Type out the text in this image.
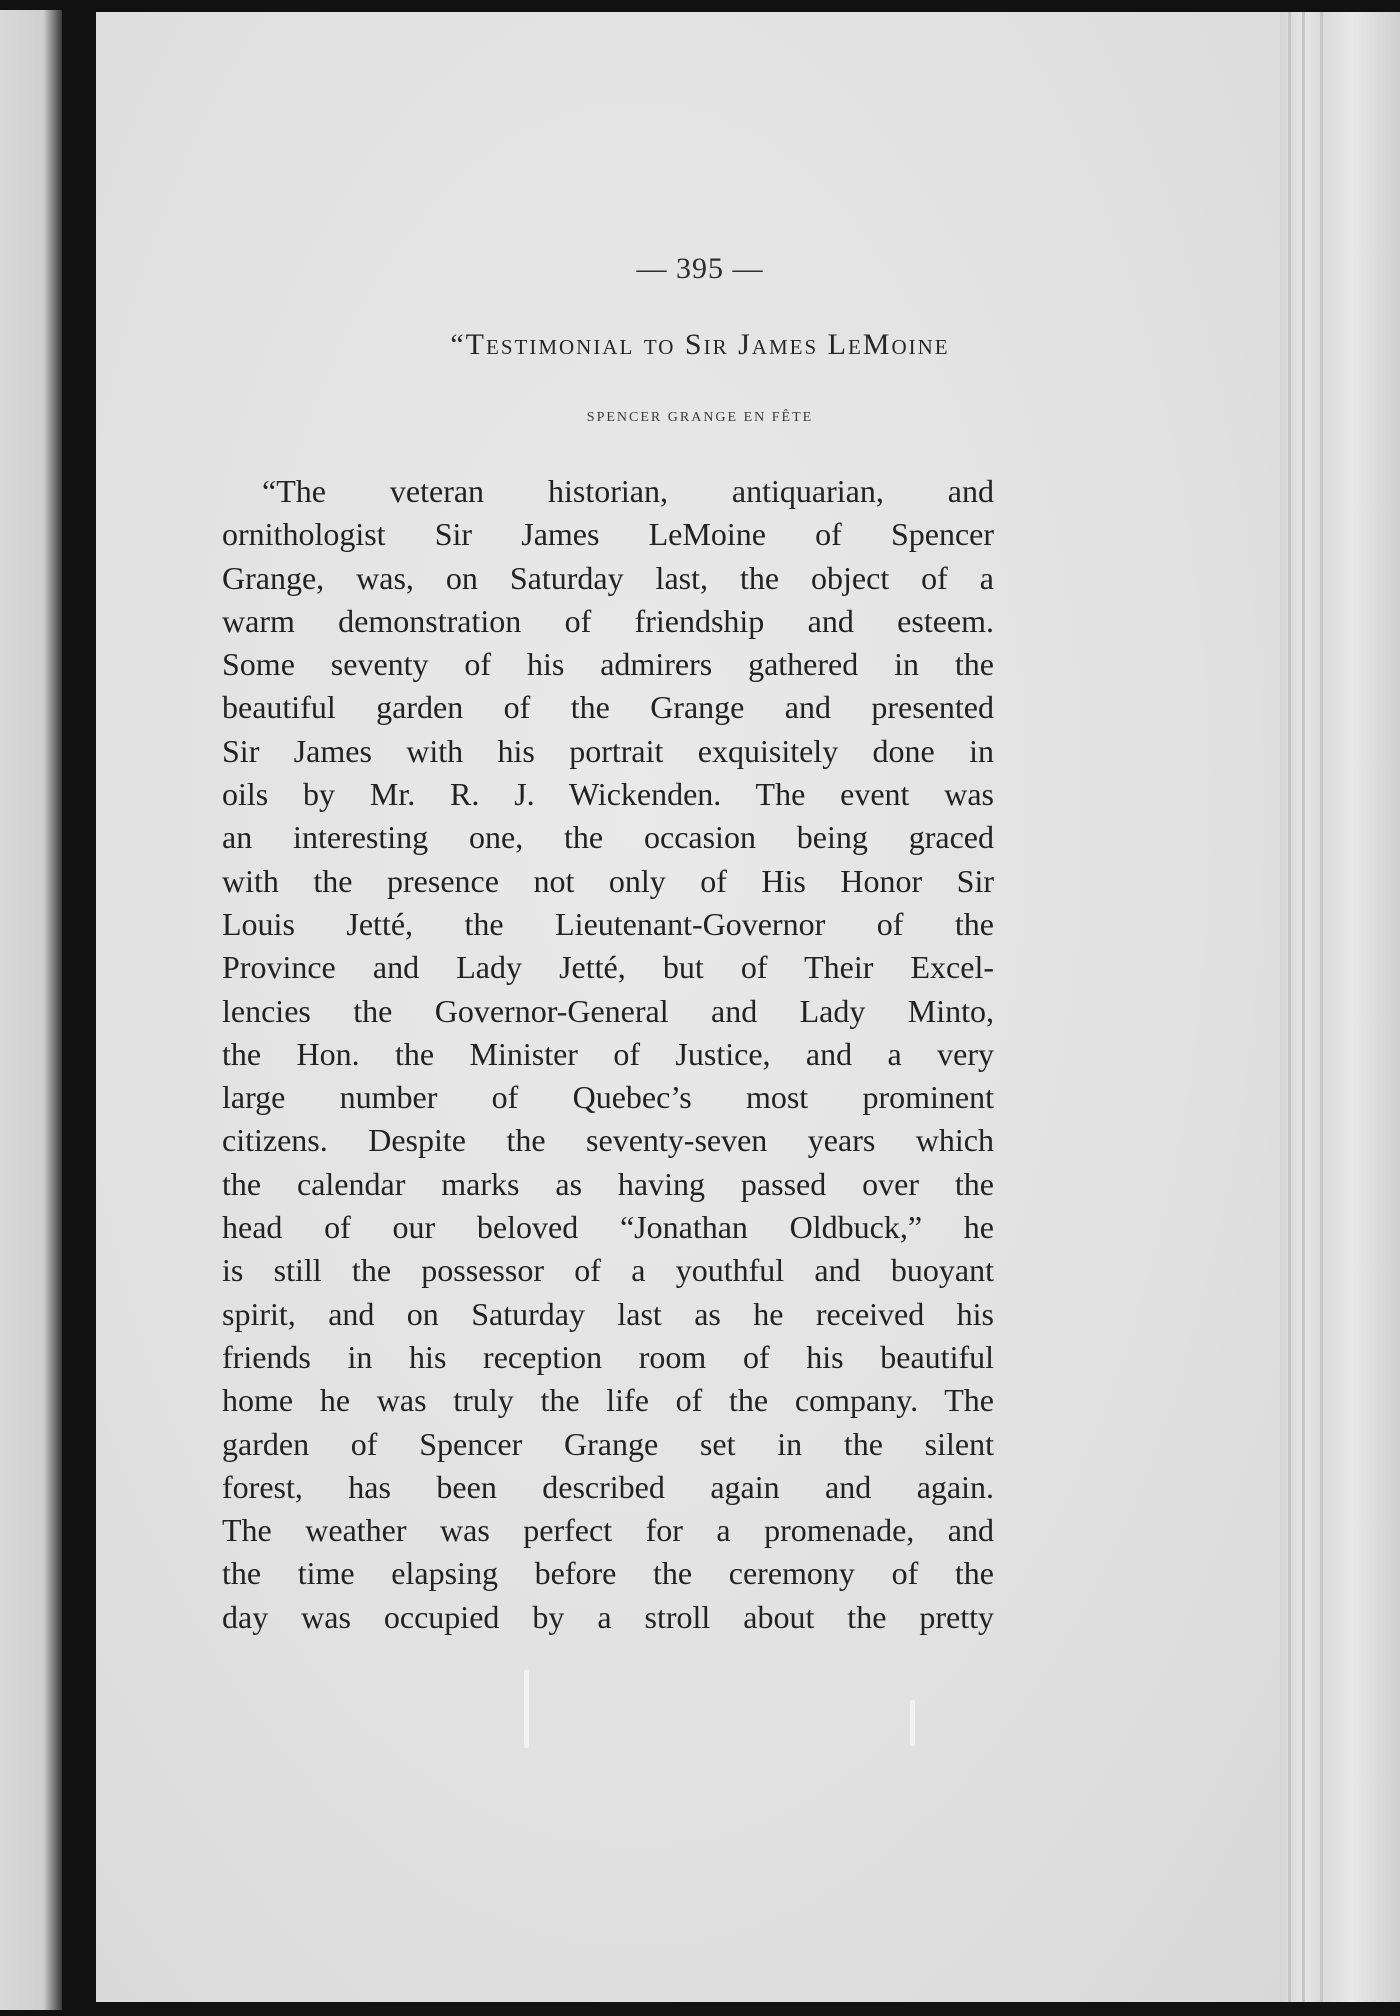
— 395 —
“Testimonial to Sir James LeMoine
SPENCER GRANGE EN FÊTE
“The veteran historian, antiquarian, and
ornithologist Sir James LeMoine of Spencer
Grange, was, on Saturday last, the object of a
warm demonstration of friendship and esteem.
Some seventy of his admirers gathered in the
beautiful garden of the Grange and presented
Sir James with his portrait exquisitely done in
oils by Mr. R. J. Wickenden. The event was
an interesting one, the occasion being graced
with the presence not only of His Honor Sir
Louis Jetté, the Lieutenant-Governor of the
Province and Lady Jetté, but of Their Excel-
lencies the Governor-General and Lady Minto,
the Hon. the Minister of Justice, and a very
large number of Quebec’s most prominent
citizens. Despite the seventy-seven years which
the calendar marks as having passed over the
head of our beloved “Jonathan Oldbuck,” he
is still the possessor of a youthful and buoyant
spirit, and on Saturday last as he received his
friends in his reception room of his beautiful
home he was truly the life of the company. The
garden of Spencer Grange set in the silent
forest, has been described again and again.
The weather was perfect for a promenade, and
the time elapsing before the ceremony of the
day was occupied by a stroll about the pretty
